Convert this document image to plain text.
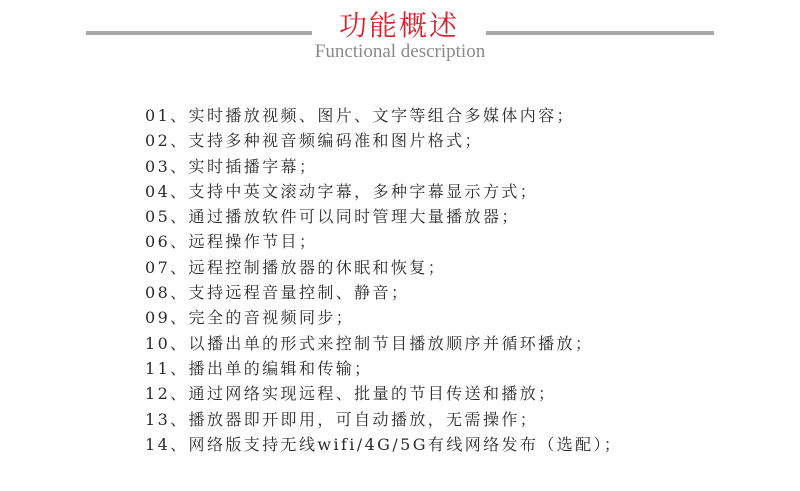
功能概述
Functional description
01、实时播放视频、图片、文字等组合多媒体内容；
02、支持多种视音频编码准和图片格式；
03、实时插播字幕；
04、支持中英文滚动字幕，多种字幕显示方式；
05、通过播放软件可以同时管理大量播放器；
06、远程操作节目；
07、远程控制播放器的休眠和恢复；
08、支持远程音量控制、静音；
09、完全的音视频同步；
10、以播出单的形式来控制节目播放顺序并循环播放；
11、播出单的编辑和传输；
12、通过网络实现远程、批量的节目传送和播放；
13、播放器即开即用，可自动播放，无需操作；
14、网络版支持无线wifi/4G/5G有线网络发布（选配）；
